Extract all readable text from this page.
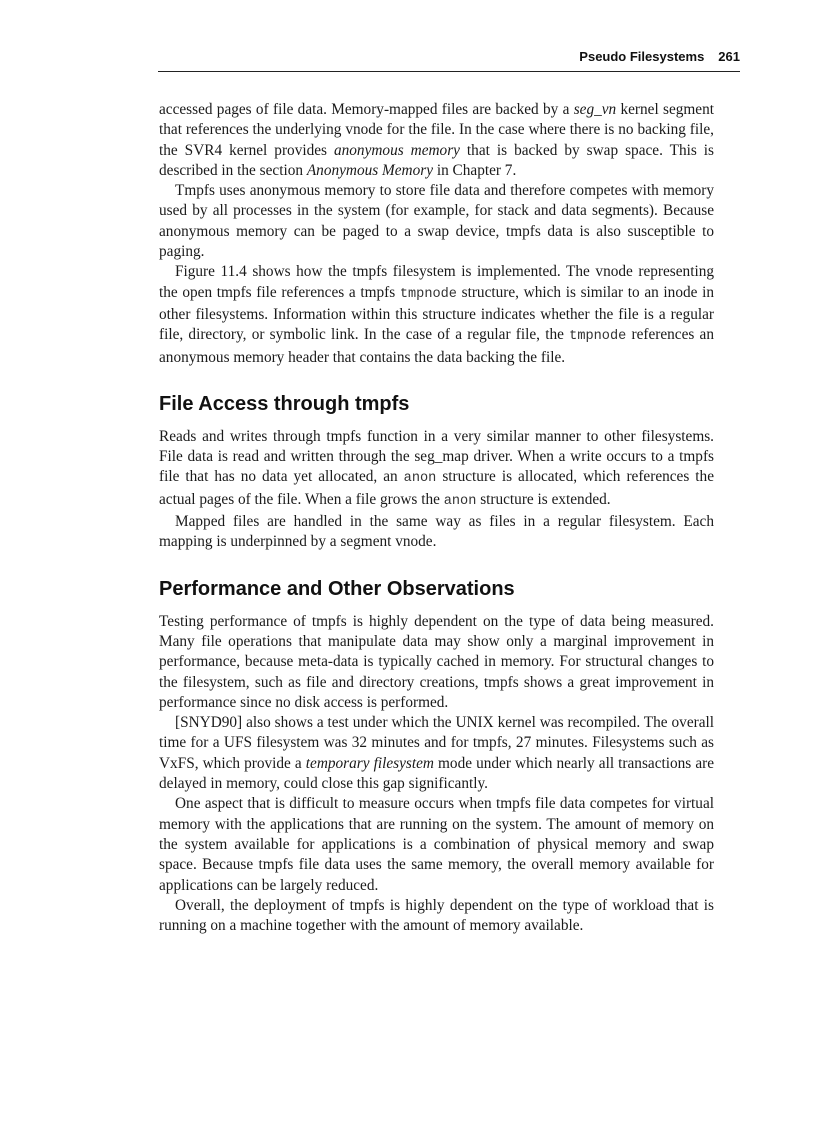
Pseudo Filesystems 261

accessed pages of file data. Memory-mapped files are backed by a seg_vn kernel segment that references the underlying vnode for the file. In the case where there is no backing file, the SVR4 kernel provides anonymous memory that is backed by swap space. This is described in the section Anonymous Memory in Chapter 7.

Tmpfs uses anonymous memory to store file data and therefore competes with memory used by all processes in the system (for example, for stack and data segments). Because anonymous memory can be paged to a swap device, tmpfs data is also susceptible to paging.

Figure 11.4 shows how the tmpfs filesystem is implemented. The vnode representing the open tmpfs file references a tmpfs tmpnode structure, which is similar to an inode in other filesystems. Information within this structure indicates whether the file is a regular file, directory, or symbolic link. In the case of a regular file, the tmpnode references an anonymous memory header that contains the data backing the file.

File Access through tmpfs

Reads and writes through tmpfs function in a very similar manner to other filesystems. File data is read and written through the seg_map driver. When a write occurs to a tmpfs file that has no data yet allocated, an anon structure is allocated, which references the actual pages of the file. When a file grows the anon structure is extended.

Mapped files are handled in the same way as files in a regular filesystem. Each mapping is underpinned by a segment vnode.

Performance and Other Observations

Testing performance of tmpfs is highly dependent on the type of data being measured. Many file operations that manipulate data may show only a marginal improvement in performance, because meta-data is typically cached in memory. For structural changes to the filesystem, such as file and directory creations, tmpfs shows a great improvement in performance since no disk access is performed.

[SNYD90] also shows a test under which the UNIX kernel was recompiled. The overall time for a UFS filesystem was 32 minutes and for tmpfs, 27 minutes. Filesystems such as VxFS, which provide a temporary filesystem mode under which nearly all transactions are delayed in memory, could close this gap significantly.

One aspect that is difficult to measure occurs when tmpfs file data competes for virtual memory with the applications that are running on the system. The amount of memory on the system available for applications is a combination of physical memory and swap space. Because tmpfs file data uses the same memory, the overall memory available for applications can be largely reduced.

Overall, the deployment of tmpfs is highly dependent on the type of workload that is running on a machine together with the amount of memory available.
